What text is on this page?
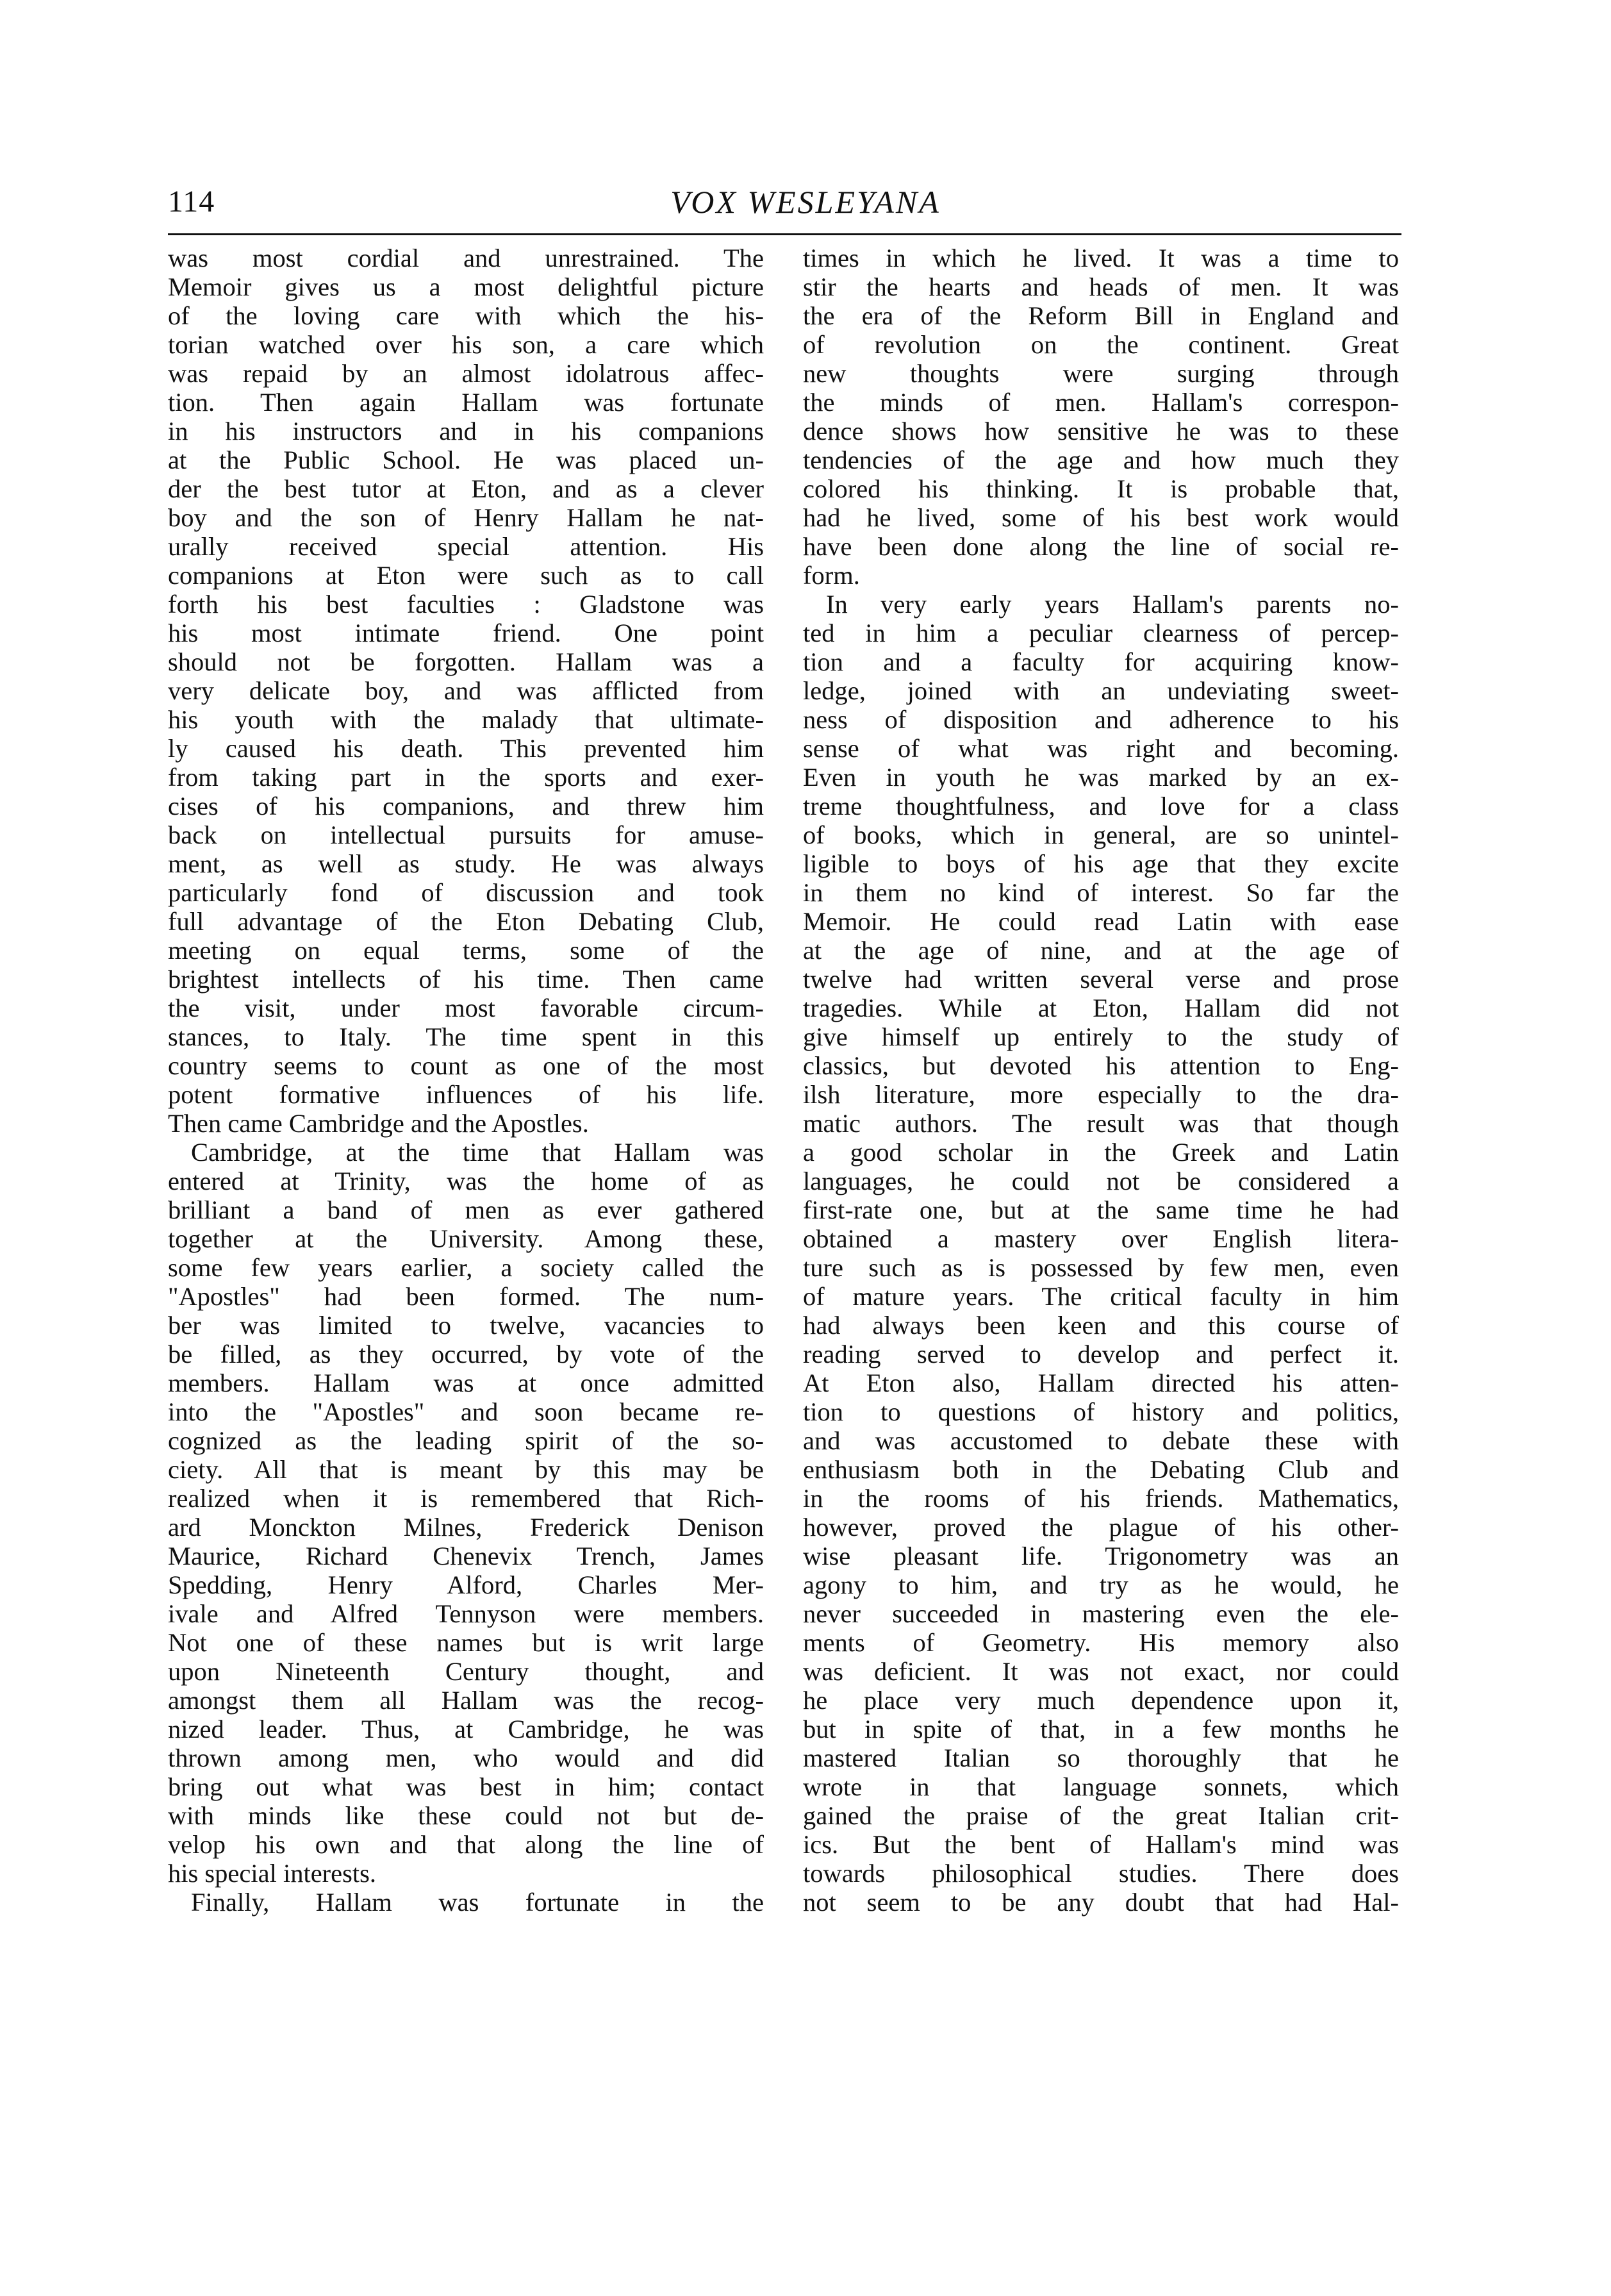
114	VOX WESLEYANA
was most cordial and unrestrained. The
Memoir gives us a most delightful picture
of the loving care with which the his-
torian watched over his son, a care which
was repaid by an almost idolatrous affec-
tion. Then again Hallam was fortunate
in his instructors and in his companions
at the Public School. He was placed un-
der the best tutor at Eton, and as a clever
boy and the son of Henry Hallam he nat-
urally received special attention. His
companions at Eton were such as to call
forth his best faculties : Gladstone was
his most intimate friend. One point
should not be forgotten. Hallam was a
very delicate boy, and was afflicted from
his youth with the malady that ultimate-
ly caused his death. This prevented him
from taking part in the sports and exer-
cises of his companions, and threw him
back on intellectual pursuits for amuse-
ment, as well as study. He was always
particularly fond of discussion and took
full advantage of the Eton Debating Club,
meeting on equal terms, some of the
brightest intellects of his time. Then came
the visit, under most favorable circum-
stances, to Italy. The time spent in this
country seems to count as one of the most
potent formative influences of his life.
Then came Cambridge and the Apostles.
Cambridge, at the time that Hallam was
entered at Trinity, was the home of as
brilliant a band of men as ever gathered
together at the University. Among these,
some few years earlier, a society called the
"Apostles" had been formed. The num-
ber was limited to twelve, vacancies to
be filled, as they occurred, by vote of the
members. Hallam was at once admitted
into the "Apostles" and soon became re-
cognized as the leading spirit of the so-
ciety. All that is meant by this may be
realized when it is remembered that Rich-
ard Monckton Milnes, Frederick Denison
Maurice, Richard Chenevix Trench, James
Spedding, Henry Alford, Charles Mer-
ivale and Alfred Tennyson were members.
Not one of these names but is writ large
upon Nineteenth Century thought, and
amongst them all Hallam was the recog-
nized leader. Thus, at Cambridge, he was
thrown among men, who would and did
bring out what was best in him; contact
with minds like these could not but de-
velop his own and that along the line of
his special interests.
Finally, Hallam was fortunate in the
times in which he lived. It was a time to
stir the hearts and heads of men. It was
the era of the Reform Bill in England and
of revolution on the continent. Great
new thoughts were surging through
the minds of men. Hallam's correspon-
dence shows how sensitive he was to these
tendencies of the age and how much they
colored his thinking. It is probable that,
had he lived, some of his best work would
have been done along the line of social re-
form.
In very early years Hallam's parents no-
ted in him a peculiar clearness of percep-
tion and a faculty for acquiring know-
ledge, joined with an undeviating sweet-
ness of disposition and adherence to his
sense of what was right and becoming.
Even in youth he was marked by an ex-
treme thoughtfulness, and love for a class
of books, which in general, are so unintel-
ligible to boys of his age that they excite
in them no kind of interest. So far the
Memoir. He could read Latin with ease
at the age of nine, and at the age of
twelve had written several verse and prose
tragedies. While at Eton, Hallam did not
give himself up entirely to the study of
classics, but devoted his attention to Eng-
ilsh literature, more especially to the dra-
matic authors. The result was that though
a good scholar in the Greek and Latin
languages, he could not be considered a
first-rate one, but at the same time he had
obtained a mastery over English litera-
ture such as is possessed by few men, even
of mature years. The critical faculty in him
had always been keen and this course of
reading served to develop and perfect it.
At Eton also, Hallam directed his atten-
tion to questions of history and politics,
and was accustomed to debate these with
enthusiasm both in the Debating Club and
in the rooms of his friends. Mathematics,
however, proved the plague of his other-
wise pleasant life. Trigonometry was an
agony to him, and try as he would, he
never succeeded in mastering even the ele-
ments of Geometry. His memory also
was deficient. It was not exact, nor could
he place very much dependence upon it,
but in spite of that, in a few months he
mastered Italian so thoroughly that he
wrote in that language sonnets, which
gained the praise of the great Italian crit-
ics. But the bent of Hallam's mind was
towards philosophical studies. There does
not seem to be any doubt that had Hal-
